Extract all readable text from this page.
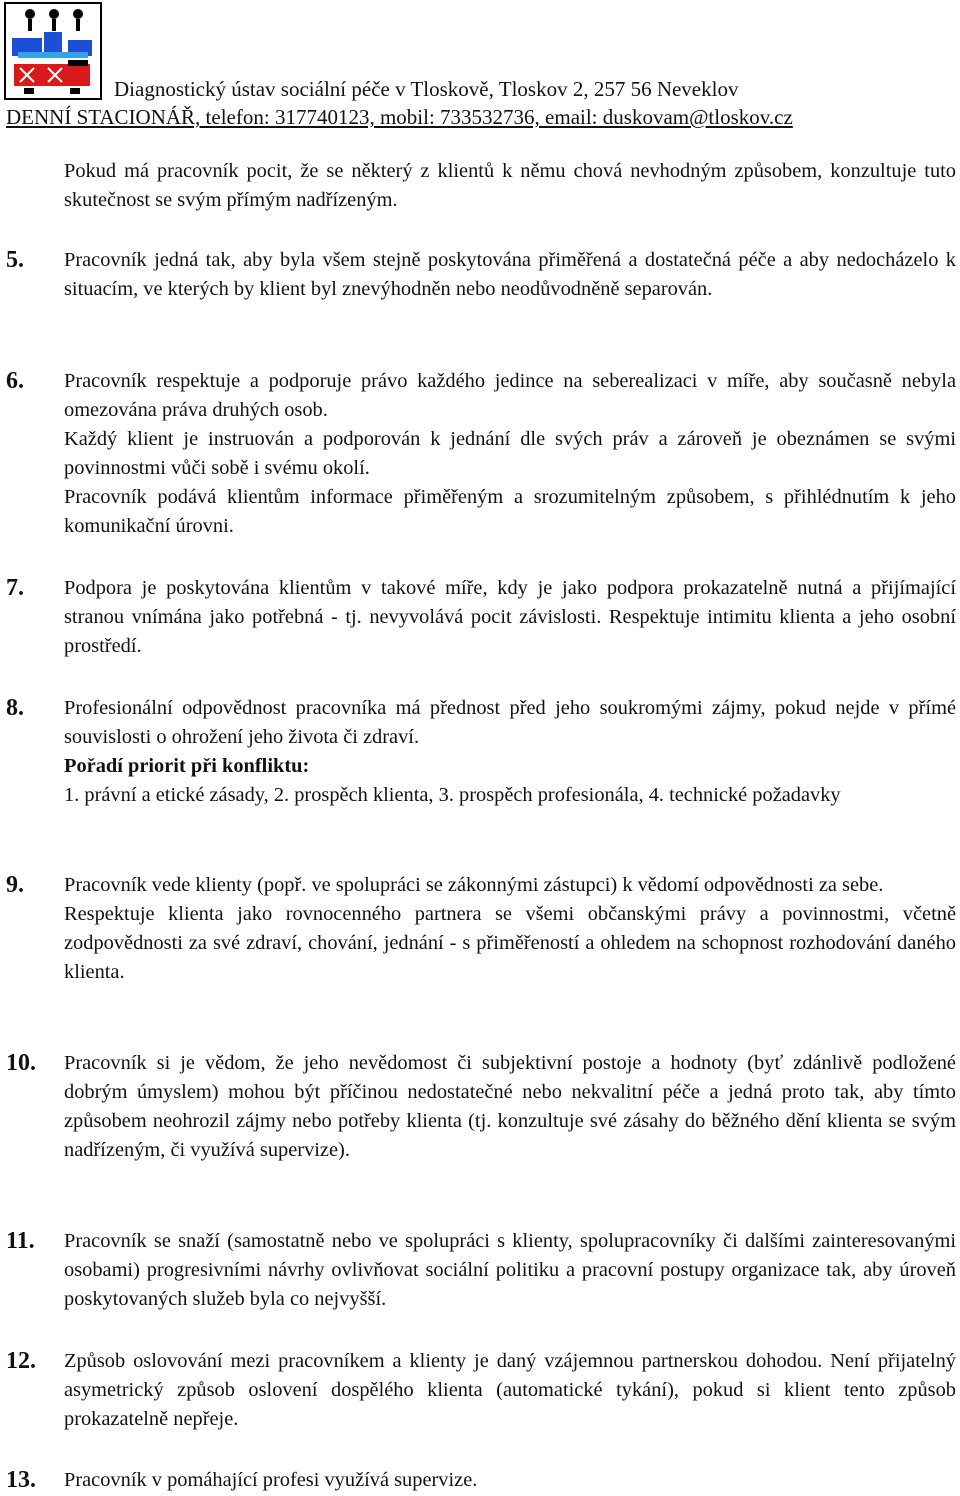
Diagnostický ústav sociální péče v Tloskově, Tloskov 2, 257 56 Neveklov
DENNÍ STACIONÁŘ, telefon: 317740123, mobil: 733532736, email: duskovam@tloskov.cz

Pokud má pracovník pocit, že se některý z klientů k němu chová nevhodným způsobem, konzultuje tuto skutečnost se svým přímým nadřízeným.

5. Pracovník jedná tak, aby byla všem stejně poskytována přiměřená a dostatečná péče a aby nedocházelo k situacím, ve kterých by klient byl znevýhodněn nebo neodůvodněně separován.

6. Pracovník respektuje a podporuje právo každého jedince na seberealizaci v míře, aby současně nebyla omezována práva druhých osob.

Každý klient je instruován a podporován k jednání dle svých práv a zároveň je obeznámen se svými povinnostmi vůči sobě i svému okolí.

Pracovník podává klientům informace přiměřeným a srozumitelným způsobem, s přihlédnutím k jeho komunikační úrovni.

7. Podpora je poskytována klientům v takové míře, kdy je jako podpora prokazatelně nutná a přijímající stranou vnímána jako potřebná - tj. nevyvolává pocit závislosti. Respektuje intimitu klienta a jeho osobní prostředí.

8. Profesionální odpovědnost pracovníka má přednost před jeho soukromými zájmy, pokud nejde v přímé souvislosti o ohrožení jeho života či zdraví.

Pořadí priorit při konfliktu:

1. právní a etické zásady, 2. prospěch klienta, 3. prospěch profesionála, 4. technické požadavky

9. Pracovník vede klienty (popř. ve spolupráci se zákonnými zástupci) k vědomí odpovědnosti za sebe.

Respektuje klienta jako rovnocenného partnera se všemi občanskými právy a povinnostmi, včetně zodpovědnosti za své zdraví, chování, jednání - s přiměřeností a ohledem na schopnost rozhodování daného klienta.

10. Pracovník si je vědom, že jeho nevědomost či subjektivní postoje a hodnoty (byť zdánlivě podložené dobrým úmyslem) mohou být příčinou nedostatečné nebo nekvalitní péče a jedná proto tak, aby tímto způsobem neohrozil zájmy nebo potřeby klienta (tj. konzultuje své zásahy do běžného dění klienta se svým nadřízeným, či využívá supervize).

11. Pracovník se snaží (samostatně nebo ve spolupráci s klienty, spolupracovníky či dalšími zainteresovanými osobami) progresivními návrhy ovlivňovat sociální politiku a pracovní postupy organizace tak, aby úroveň poskytovaných služeb byla co nejvyšší.

12. Způsob oslovování mezi pracovníkem a klienty je daný vzájemnou partnerskou dohodou. Není přijatelný asymetrický způsob oslovení dospělého klienta (automatické tykání), pokud si klient tento způsob prokazatelně nepřeje.

13. Pracovník v pomáhající profesi využívá supervize.
